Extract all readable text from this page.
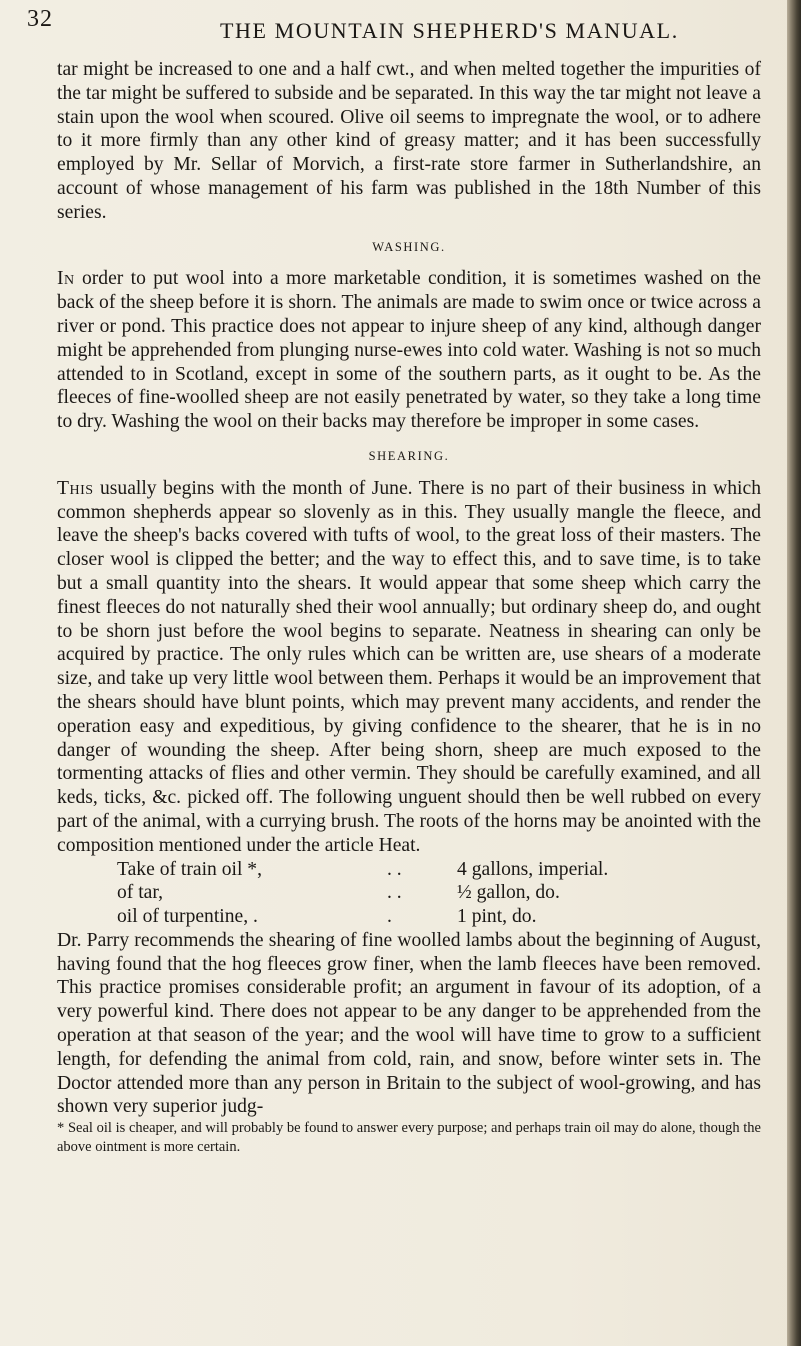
32	THE MOUNTAIN SHEPHERD'S MANUAL.

tar might be increased to one and a half cwt., and when melted together the impurities of the tar might be suffered to subside and be separated. In this way the tar might not leave a stain upon the wool when scoured. Olive oil seems to impregnate the wool, or to adhere to it more firmly than any other kind of greasy matter; and it has been successfully employed by Mr. Sellar of Morvich, a first-rate store farmer in Sutherlandshire, an account of whose management of his farm was published in the 18th Number of this series.

WASHING.

In order to put wool into a more marketable condition, it is sometimes washed on the back of the sheep before it is shorn. The animals are made to swim once or twice across a river or pond. This practice does not appear to injure sheep of any kind, although danger might be apprehended from plunging nurse-ewes into cold water. Washing is not so much attended to in Scotland, except in some of the southern parts, as it ought to be. As the fleeces of fine-woolled sheep are not easily penetrated by water, so they take a long time to dry. Washing the wool on their backs may therefore be improper in some cases.

SHEARING.

This usually begins with the month of June. There is no part of their business in which common shepherds appear so slovenly as in this. They usually mangle the fleece, and leave the sheep's backs covered with tufts of wool, to the great loss of their masters. The closer wool is clipped the better; and the way to effect this, and to save time, is to take but a small quantity into the shears. It would appear that some sheep which carry the finest fleeces do not naturally shed their wool annually; but ordinary sheep do, and ought to be shorn just before the wool begins to separate. Neatness in shearing can only be acquired by practice. The only rules which can be written are, use shears of a moderate size, and take up very little wool between them. Perhaps it would be an improvement that the shears should have blunt points, which may prevent many accidents, and render the operation easy and expeditious, by giving confidence to the shearer, that he is in no danger of wounding the sheep. After being shorn, sheep are much exposed to the tormenting attacks of flies and other vermin. They should be carefully examined, and all keds, ticks, &c. picked off. The following unguent should then be well rubbed on every part of the animal, with a currying brush. The roots of the horns may be anointed with the composition mentioned under the article Heat.

Take of train oil *,	. .	4 gallons, imperial.
of tar,	. .	½ gallon, do.
oil of turpentine, .	.	1 pint, do.

Dr. Parry recommends the shearing of fine woolled lambs about the beginning of August, having found that the hog fleeces grow finer, when the lamb fleeces have been removed. This practice promises considerable profit; an argument in favour of its adoption, of a very powerful kind. There does not appear to be any danger to be apprehended from the operation at that season of the year; and the wool will have time to grow to a sufficient length, for defending the animal from cold, rain, and snow, before winter sets in. The Doctor attended more than any person in Britain to the subject of wool-growing, and has shown very superior judg-

* Seal oil is cheaper, and will probably be found to answer every purpose; and perhaps train oil may do alone, though the above ointment is more certain.
